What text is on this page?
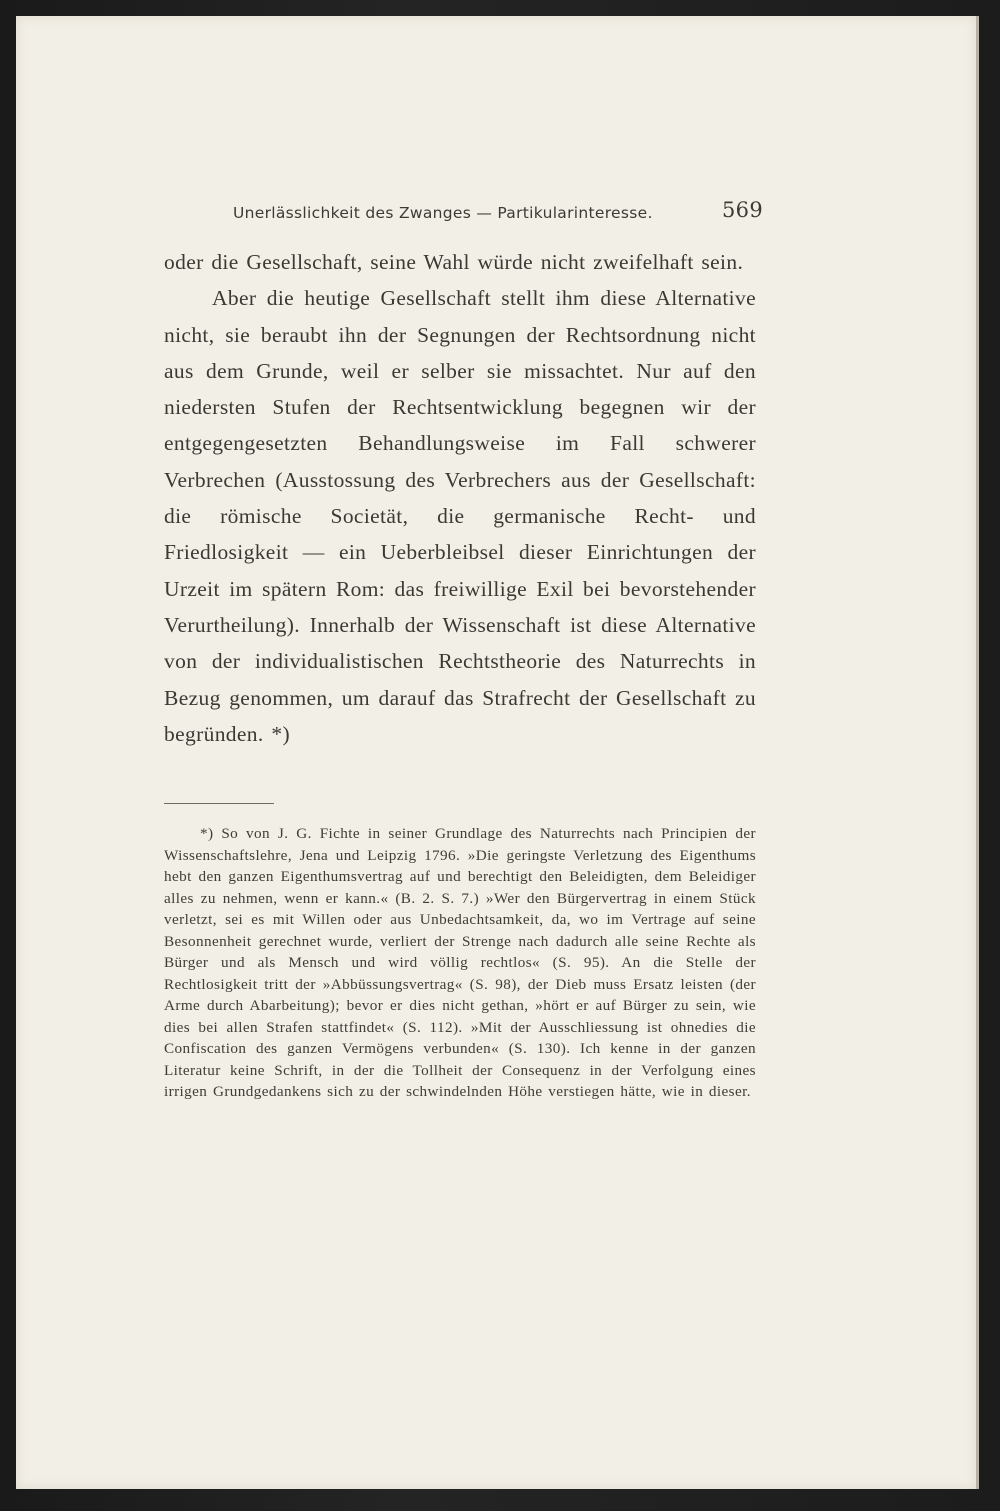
Unerlässlichkeit des Zwanges — Partikularinteresse.	569

oder die Gesellschaft, seine Wahl würde nicht zweifelhaft sein.

Aber die heutige Gesellschaft stellt ihm diese Alternative nicht, sie beraubt ihn der Segnungen der Rechtsordnung nicht aus dem Grunde, weil er selber sie missachtet. Nur auf den niedersten Stufen der Rechtsentwicklung begegnen wir der entgegengesetzten Behandlungsweise im Fall schwerer Verbrechen (Ausstossung des Verbrechers aus der Gesellschaft: die römische Societät, die germanische Recht- und Friedlosigkeit — ein Ueberbleibsel dieser Einrichtungen der Urzeit im spätern Rom: das freiwillige Exil bei bevorstehender Verurtheilung). Innerhalb der Wissenschaft ist diese Alternative von der individualistischen Rechtstheorie des Naturrechts in Bezug genommen, um darauf das Strafrecht der Gesellschaft zu begründen. *)

*) So von J. G. Fichte in seiner Grundlage des Naturrechts nach Principien der Wissenschaftslehre, Jena und Leipzig 1796. »Die geringste Verletzung des Eigenthums hebt den ganzen Eigenthumsvertrag auf und berechtigt den Beleidigten, dem Beleidiger alles zu nehmen, wenn er kann.« (B. 2. S. 7.) »Wer den Bürgervertrag in einem Stück verletzt, sei es mit Willen oder aus Unbedachtsamkeit, da, wo im Vertrage auf seine Besonnenheit gerechnet wurde, verliert der Strenge nach dadurch alle seine Rechte als Bürger und als Mensch und wird völlig rechtlos« (S. 95). An die Stelle der Rechtlosigkeit tritt der »Abbüssungsvertrag« (S. 98), der Dieb muss Ersatz leisten (der Arme durch Abarbeitung); bevor er dies nicht gethan, »hört er auf Bürger zu sein, wie dies bei allen Strafen stattfindet« (S. 112). »Mit der Ausschliessung ist ohnedies die Confiscation des ganzen Vermögens verbunden« (S. 130). Ich kenne in der ganzen Literatur keine Schrift, in der die Tollheit der Consequenz in der Verfolgung eines irrigen Grundgedankens sich zu der schwindelnden Höhe verstiegen hätte, wie in dieser.
